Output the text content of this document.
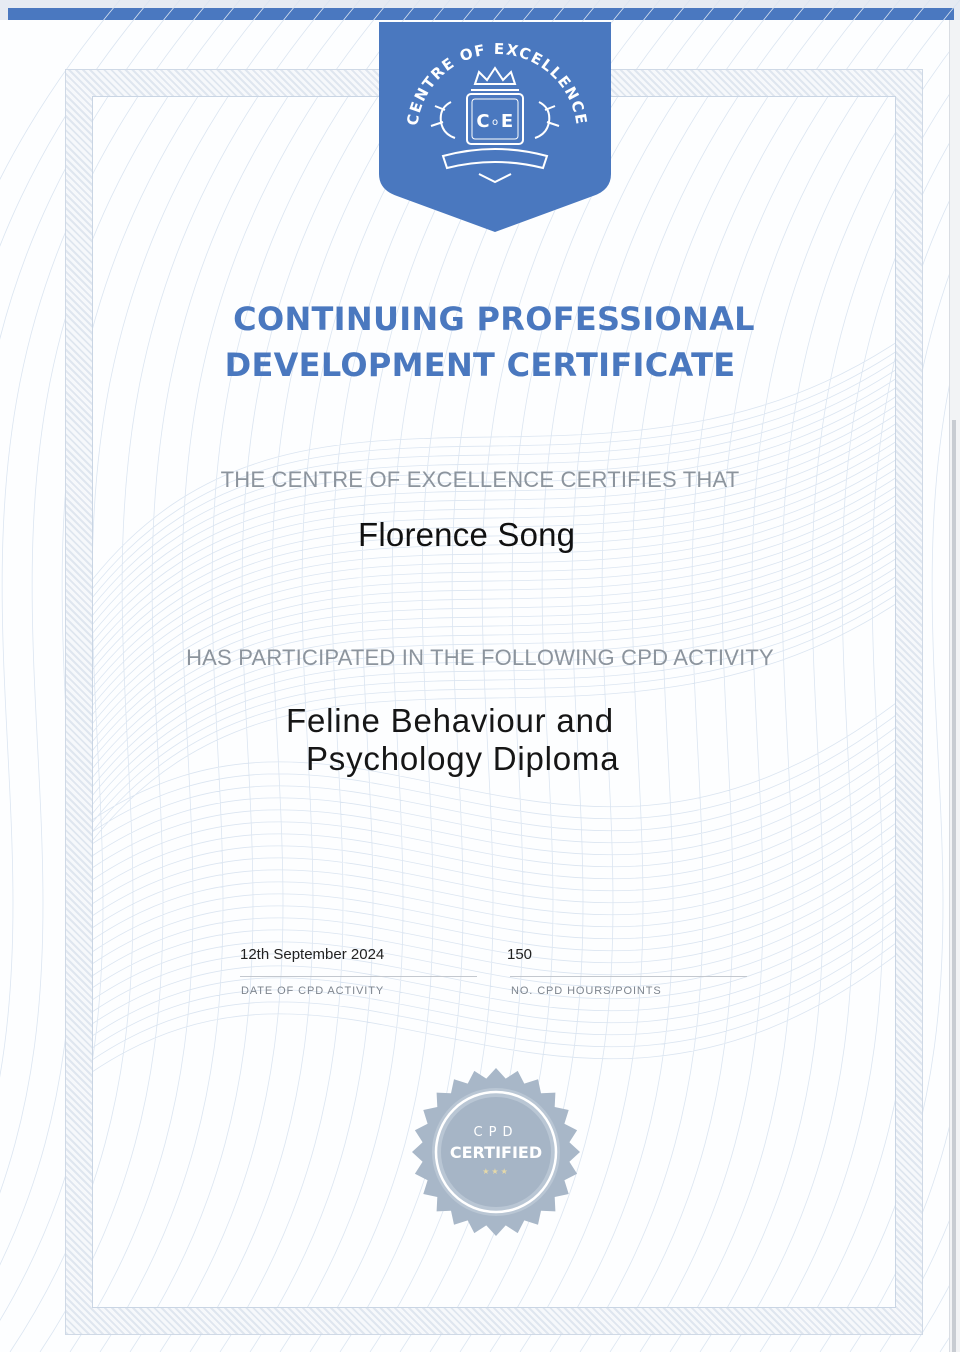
CENTRE OF EXCELLENCE
C o E
CONTINUING PROFESSIONAL
DEVELOPMENT CERTIFICATE
THE CENTRE OF EXCELLENCE CERTIFIES THAT
Florence Song
HAS PARTICIPATED IN THE FOLLOWING CPD ACTIVITY
Feline Behaviour and
Psychology Diploma
12th September 2024
DATE OF CPD ACTIVITY
150
NO. CPD HOURS/POINTS
CPD
CERTIFIED
★★★
